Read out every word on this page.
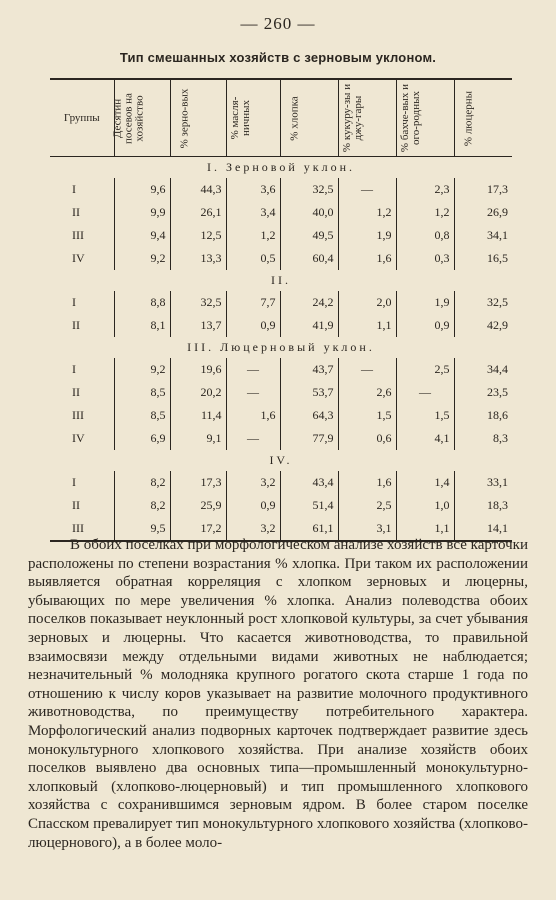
— 260 —
Тип смешанных хозяйств с зерновым уклоном.
Группы	Десятин посевов на хозяйство	% зерно-вых	% масля-ничных	% хлопка	% кукуру-зы и джу-гары	% бахче-вых и ого-родных	% люцерны

I. Зерновой уклон.							
I	9,6	44,3	3,6	32,5	—	2,3	17,3
II	9,9	26,1	3,4	40,0	1,2	1,2	26,9
III	9,4	12,5	1,2	49,5	1,9	0,8	34,1
IV	9,2	13,3	0,5	60,4	1,6	0,3	16,5
II.							
I	8,8	32,5	7,7	24,2	2,0	1,9	32,5
II	8,1	13,7	0,9	41,9	1,1	0,9	42,9
III. Люцерновый уклон.							
I	9,2	19,6	—	43,7	—	2,5	34,4
II	8,5	20,2	—	53,7	2,6	—	23,5
III	8,5	11,4	1,6	64,3	1,5	1,5	18,6
IV	6,9	9,1	—	77,9	0,6	4,1	8,3
IV.							
I	8,2	17,3	3,2	43,4	1,6	1,4	33,1
II	8,2	25,9	0,9	51,4	2,5	1,0	18,3
III	9,5	17,2	3,2	61,1	3,1	1,1	14,1
В обоих поселках при морфологическом анализе хозяйств все карточки расположены по степени возрастания % хлопка. При таком их расположении выявляется обратная корреляция с хлопком зерновых и люцерны, убывающих по мере увеличения % хлопка. Анализ полеводства обоих поселков показывает неуклонный рост хлопковой культуры, за счет убывания зерновых и люцерны. Что касается животноводства, то правильной взаимосвязи между отдельными видами животных не наблюдается; незначительный % молодняка крупного рогатого скота старше 1 года по отношению к числу коров указывает на развитие молочного продуктивного животноводства, по преимуществу потребительного характера. Морфологический анализ подворных карточек подтверждает развитие здесь монокультурного хлопкового хозяйства. При анализе хозяйств обоих поселков выявлено два основных типа—промышленный монокультурно-хлопковый (хлопково-люцерновый) и тип промышленного хлопкового хозяйства с сохранившимся зерновым ядром. В более старом поселке Спасском превалирует тип монокультурного хлопкового хозяйства (хлопково-люцернового), а в более моло-
